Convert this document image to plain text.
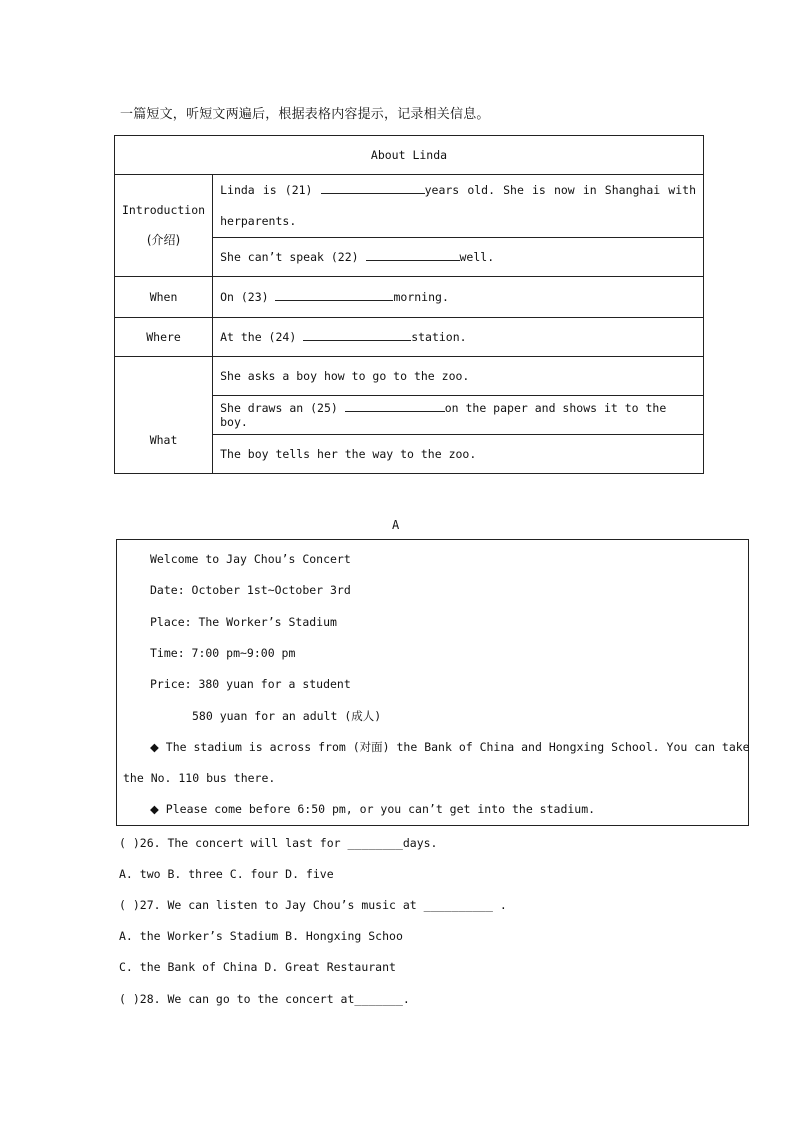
一篇短文，听短文两遍后，根据表格内容提示，记录相关信息。
About Linda	
Introduction
(介绍)	Linda is (21) years old. She is now in Shanghai with herparents.
	She can’t speak (22) well.
When	On (23) morning.
Where	At the (24) station.
What	She asks a boy how to go to the zoo.
	She draws an (25) on the paper and shows it to the boy.
	The boy tells her the way to the zoo.
A
Welcome to Jay Chou’s Concert
Date: October 1st~October 3rd
Place: The Worker’s Stadium
Time: 7:00 pm~9:00 pm
Price: 380 yuan for a student
580 yuan for an adult (成人)
◆ The stadium is across from (对面) the Bank of China and Hongxing School. You can take
the No. 110 bus there.
◆ Please come before 6:50 pm, or you can’t get into the stadium.
( )26. The concert will last for ________days.
A. two B. three C. four D. five
( )27. We can listen to Jay Chou’s music at __________ .
A. the Worker’s Stadium B. Hongxing Schoo
C. the Bank of China D. Great Restaurant
( )28. We can go to the concert at_______.
